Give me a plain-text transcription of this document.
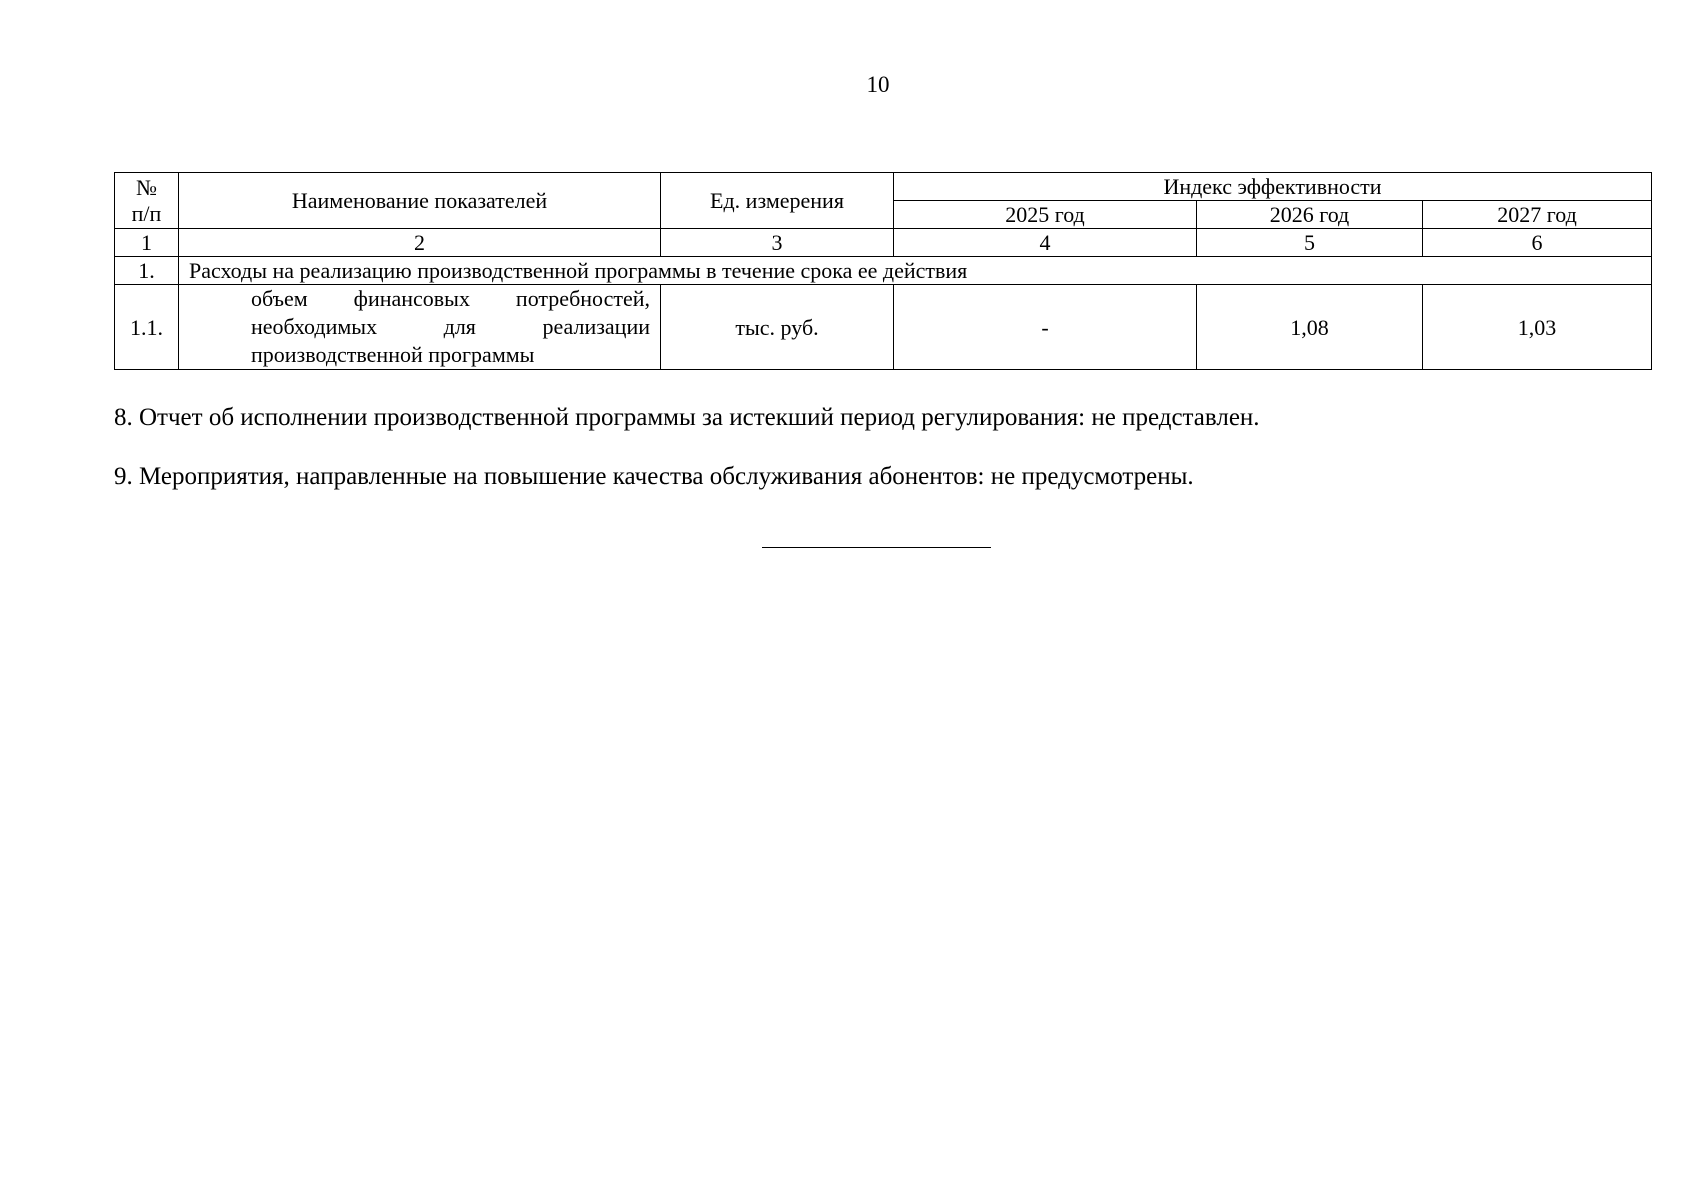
10
№ п/п	Наименование показателей	Ед. измерения	Индекс эффективности		
			2025 год	2026 год	2027 год
1	2	3	4	5	6
1.	Расходы на реализацию производственной программы в течение срока ее действия				
1.1.	объем финансовых потребностей,
необходимых для реализации
производственной программы	тыс. руб.	-	1,08	1,03

8. Отчет об исполнении производственной программы за истекший период регулирования: не представлен.

9. Мероприятия, направленные на повышение качества обслуживания абонентов: не предусмотрены.
